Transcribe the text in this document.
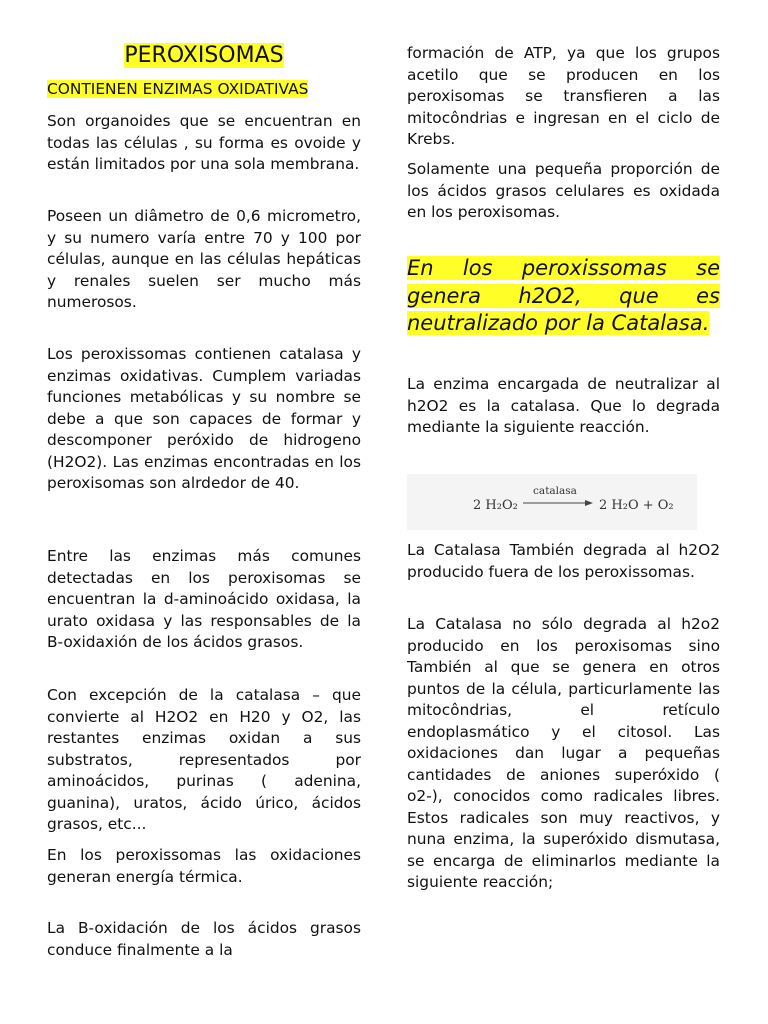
PEROXISOMAS
CONTIENEN ENZIMAS OXIDATIVAS

Son organoides que se encuentran en todas las células , su forma es ovoide y están limitados por una sola membrana.

Poseen un diâmetro de 0,6 micrometro, y su numero varía entre 70 y 100 por células, aunque en las células hepáticas y renales suelen ser mucho más numerosos.

Los peroxissomas contienen catalasa y enzimas oxidativas. Cumplem variadas funciones metabólicas y su nombre se debe a que son capaces de formar y descomponer peróxido de hidrogeno (H2O2). Las enzimas encontradas en los peroxisomas son alrdedor de 40.

Entre las enzimas más comunes detectadas en los peroxisomas se encuentran la d-aminoácido oxidasa, la urato oxidasa y las responsables de la B-oxidaxión de los ácidos grasos.

Con excepción de la catalasa – que convierte al H2O2 en H20 y O2, las restantes enzimas oxidan a sus substratos, representados por aminoácidos, purinas ( adenina, guanina), uratos, ácido úrico, ácidos grasos, etc...

En los peroxissomas las oxidaciones generan energía térmica.

La B-oxidación de los ácidos grasos conduce finalmente a la

formación de ATP, ya que los grupos acetilo que se producen en los peroxisomas se transfieren a las mitocôndrias e ingresan en el ciclo de Krebs.

Solamente una pequeña proporción de los ácidos grasos celulares es oxidada en los peroxisomas.

En los peroxissomas se genera h2O2, que es neutralizado por la Catalasa.

La enzima encargada de neutralizar al h2O2 es la catalasa. Que lo degrada mediante la siguiente reacción.

2 H₂O₂
catalasa
2 H₂O + O₂

La Catalasa También degrada al h2O2 producido fuera de los peroxissomas.

La Catalasa no sólo degrada al h2o2 producido en los peroxisomas sino También al que se genera en otros puntos de la célula, particurlamente las mitocôndrias, el retículo endoplasmático y el citosol. Las oxidaciones dan lugar a pequeñas cantidades de aniones superóxido ( o2-), conocidos como radicales libres. Estos radicales son muy reactivos, y nuna enzima, la superóxido dismutasa, se encarga de eliminarlos mediante la siguiente reacción;
